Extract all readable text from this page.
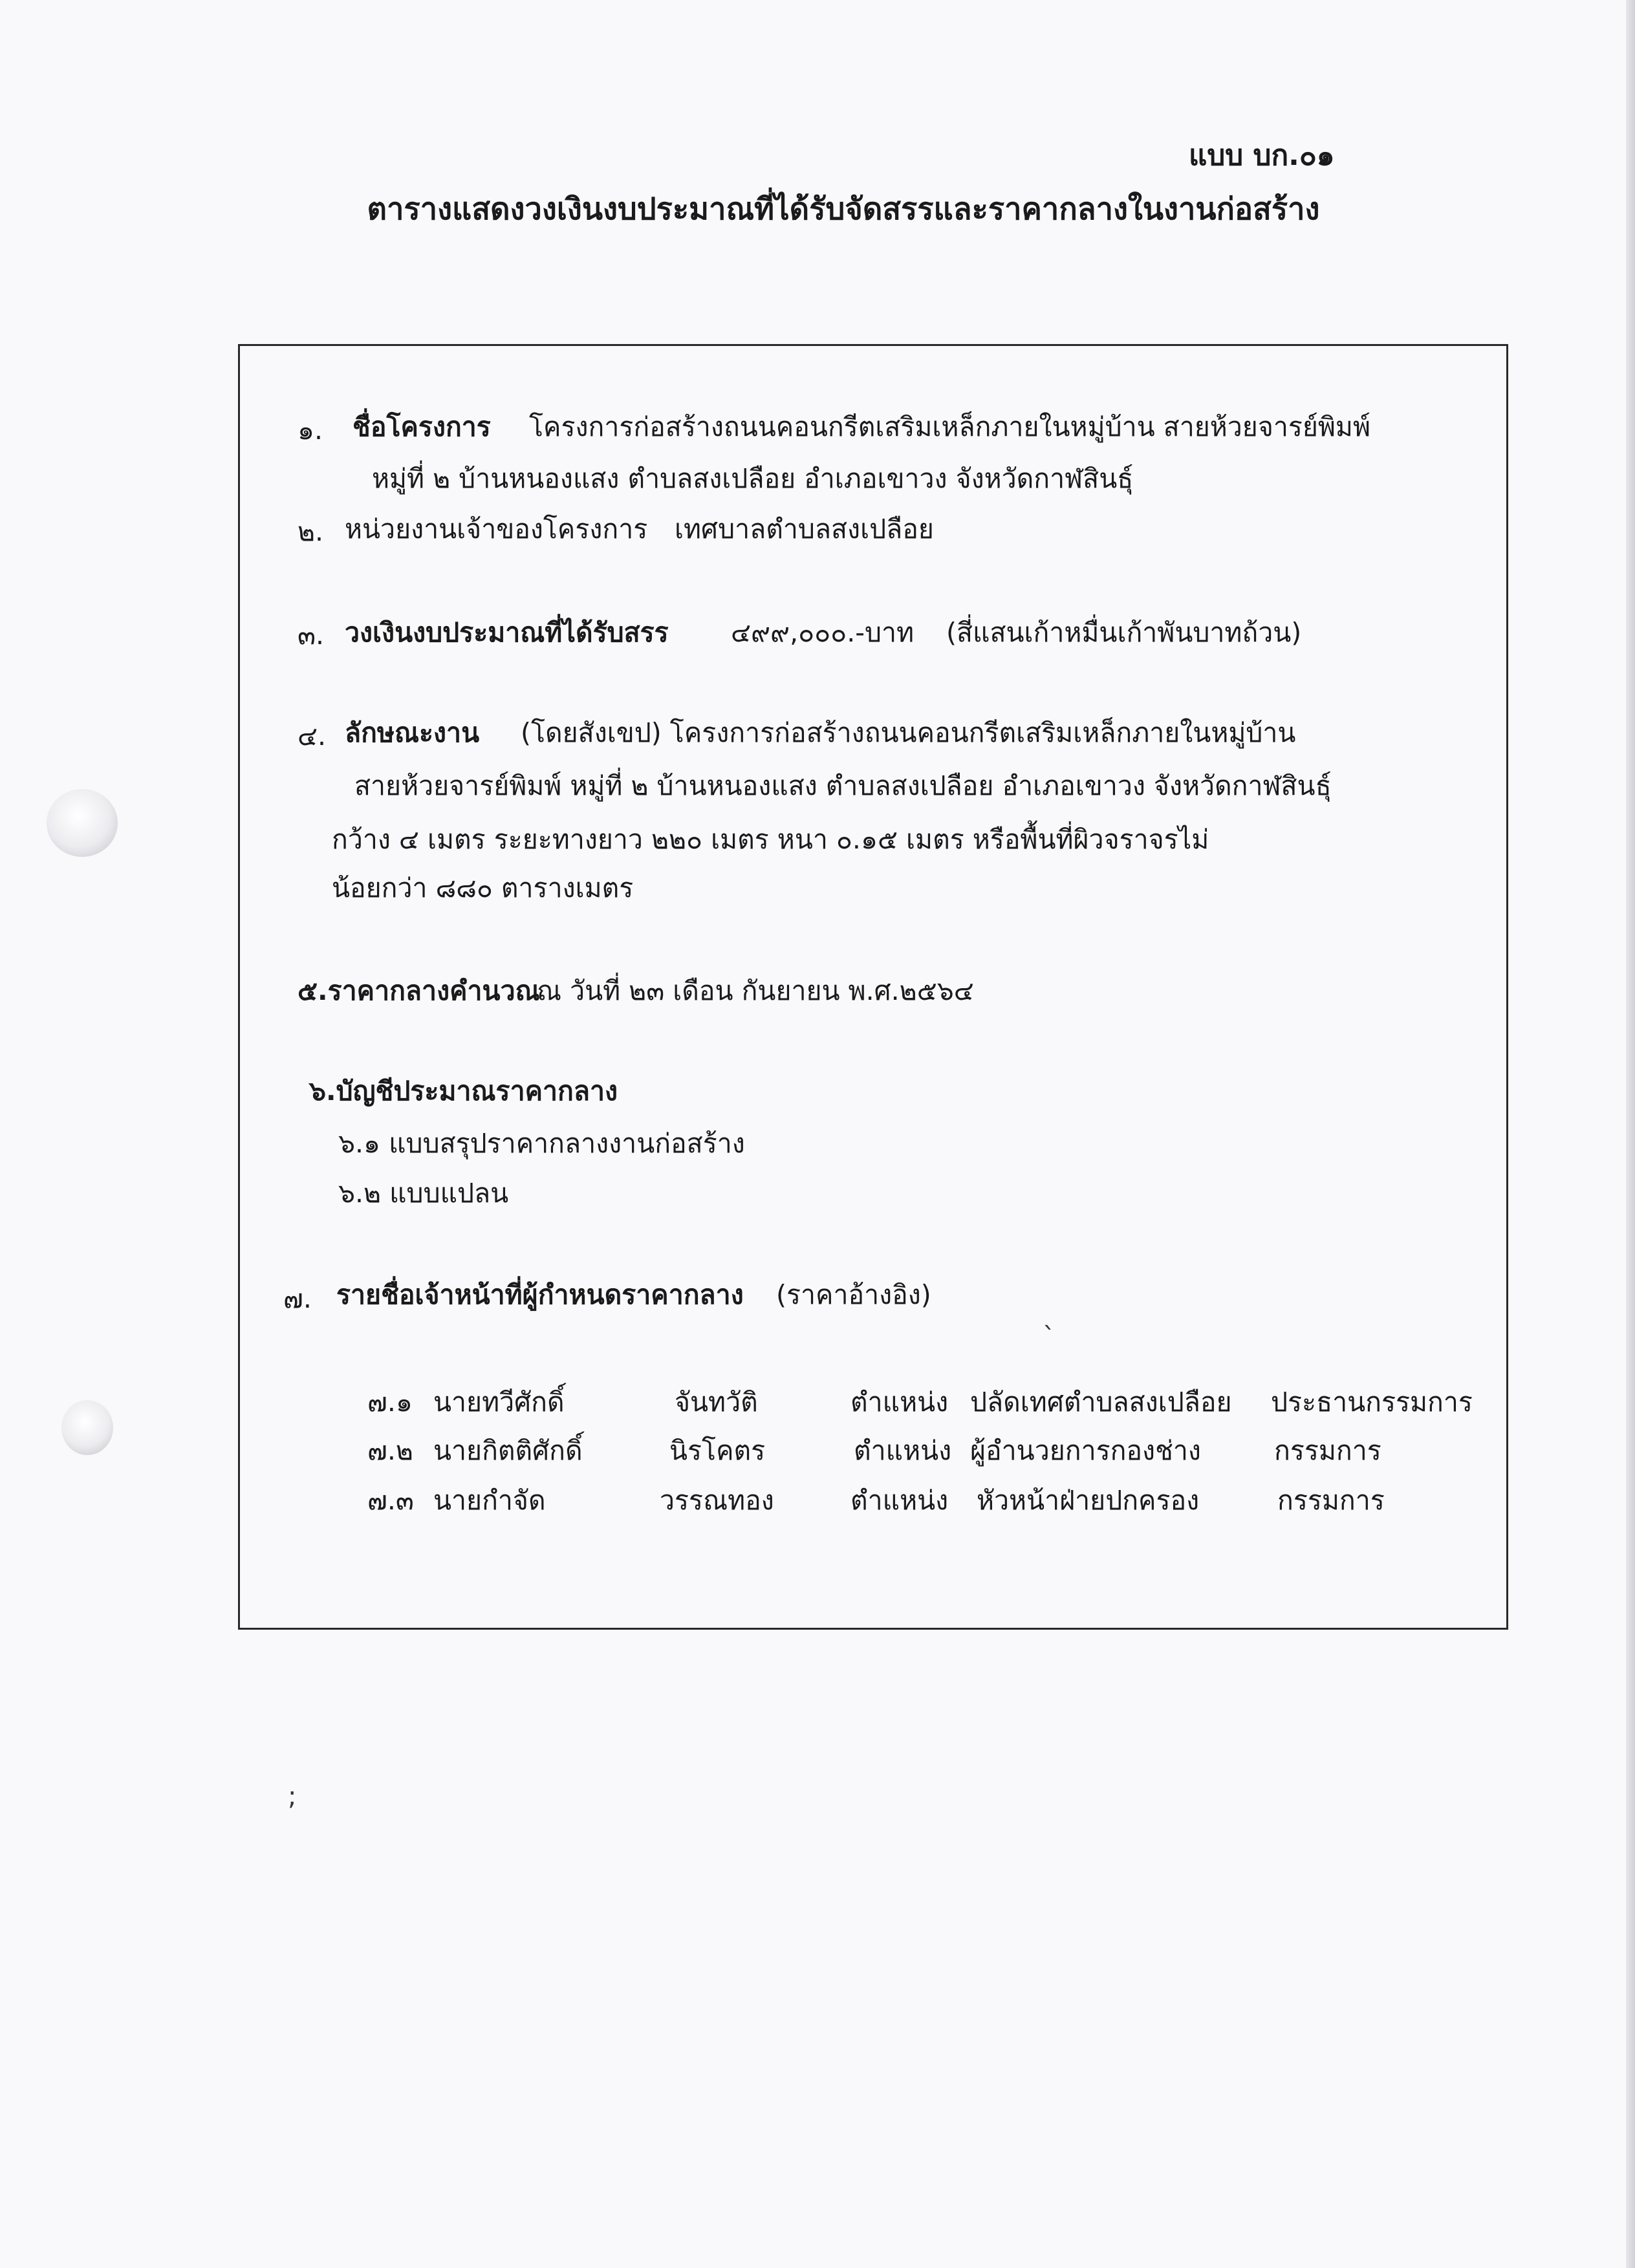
แบบ บก.๐๑
ตารางแสดงวงเงินงบประมาณที่ได้รับจัดสรรและราคากลางในงานก่อสร้าง
๑. ชื่อโครงการ โครงการก่อสร้างถนนคอนกรีตเสริมเหล็กภายในหมู่บ้าน สายห้วยจารย์พิมพ์
หมู่ที่ ๒ บ้านหนองแสง ตำบลสงเปลือย อำเภอเขาวง จังหวัดกาฬสินธุ์
๒. หน่วยงานเจ้าของโครงการ เทศบาลตำบลสงเปลือย
๓. วงเงินงบประมาณที่ได้รับสรร ๔๙๙,๐๐๐.-บาท (สี่แสนเก้าหมื่นเก้าพันบาทถ้วน)
๔. ลักษณะงาน (โดยสังเขป) โครงการก่อสร้างถนนคอนกรีตเสริมเหล็กภายในหมู่บ้าน
สายห้วยจารย์พิมพ์ หมู่ที่ ๒ บ้านหนองแสง ตำบลสงเปลือย อำเภอเขาวง จังหวัดกาฬสินธุ์
กว้าง ๔ เมตร ระยะทางยาว ๒๒๐ เมตร หนา ๐.๑๕ เมตร หรือพื้นที่ผิวจราจรไม่
น้อยกว่า ๘๘๐ ตารางเมตร
๕.ราคากลางคำนวณ
ณ วันที่ ๒๓ เดือน กันยายน พ.ศ.๒๕๖๔
๖.บัญชีประมาณราคากลาง
๖.๑ แบบสรุปราคากลางงานก่อสร้าง
๖.๒ แบบแปลน
๗. รายชื่อเจ้าหน้าที่ผู้กำหนดราคากลาง (ราคาอ้างอิง)
ˋ
๗.๑ นายทวีศักดิ์	จันทวัติ	ตำแหน่ง ปลัดเทศตำบลสงเปลือย ประธานกรรมการ
๗.๒ นายกิตติศักดิ์	นิรโคตร	ตำแหน่ง ผู้อำนวยการกองช่าง	กรรมการ
๗.๓ นายกำจัด	วรรณทอง	ตำแหน่ง หัวหน้าฝ่ายปกครอง	กรรมการ
;
